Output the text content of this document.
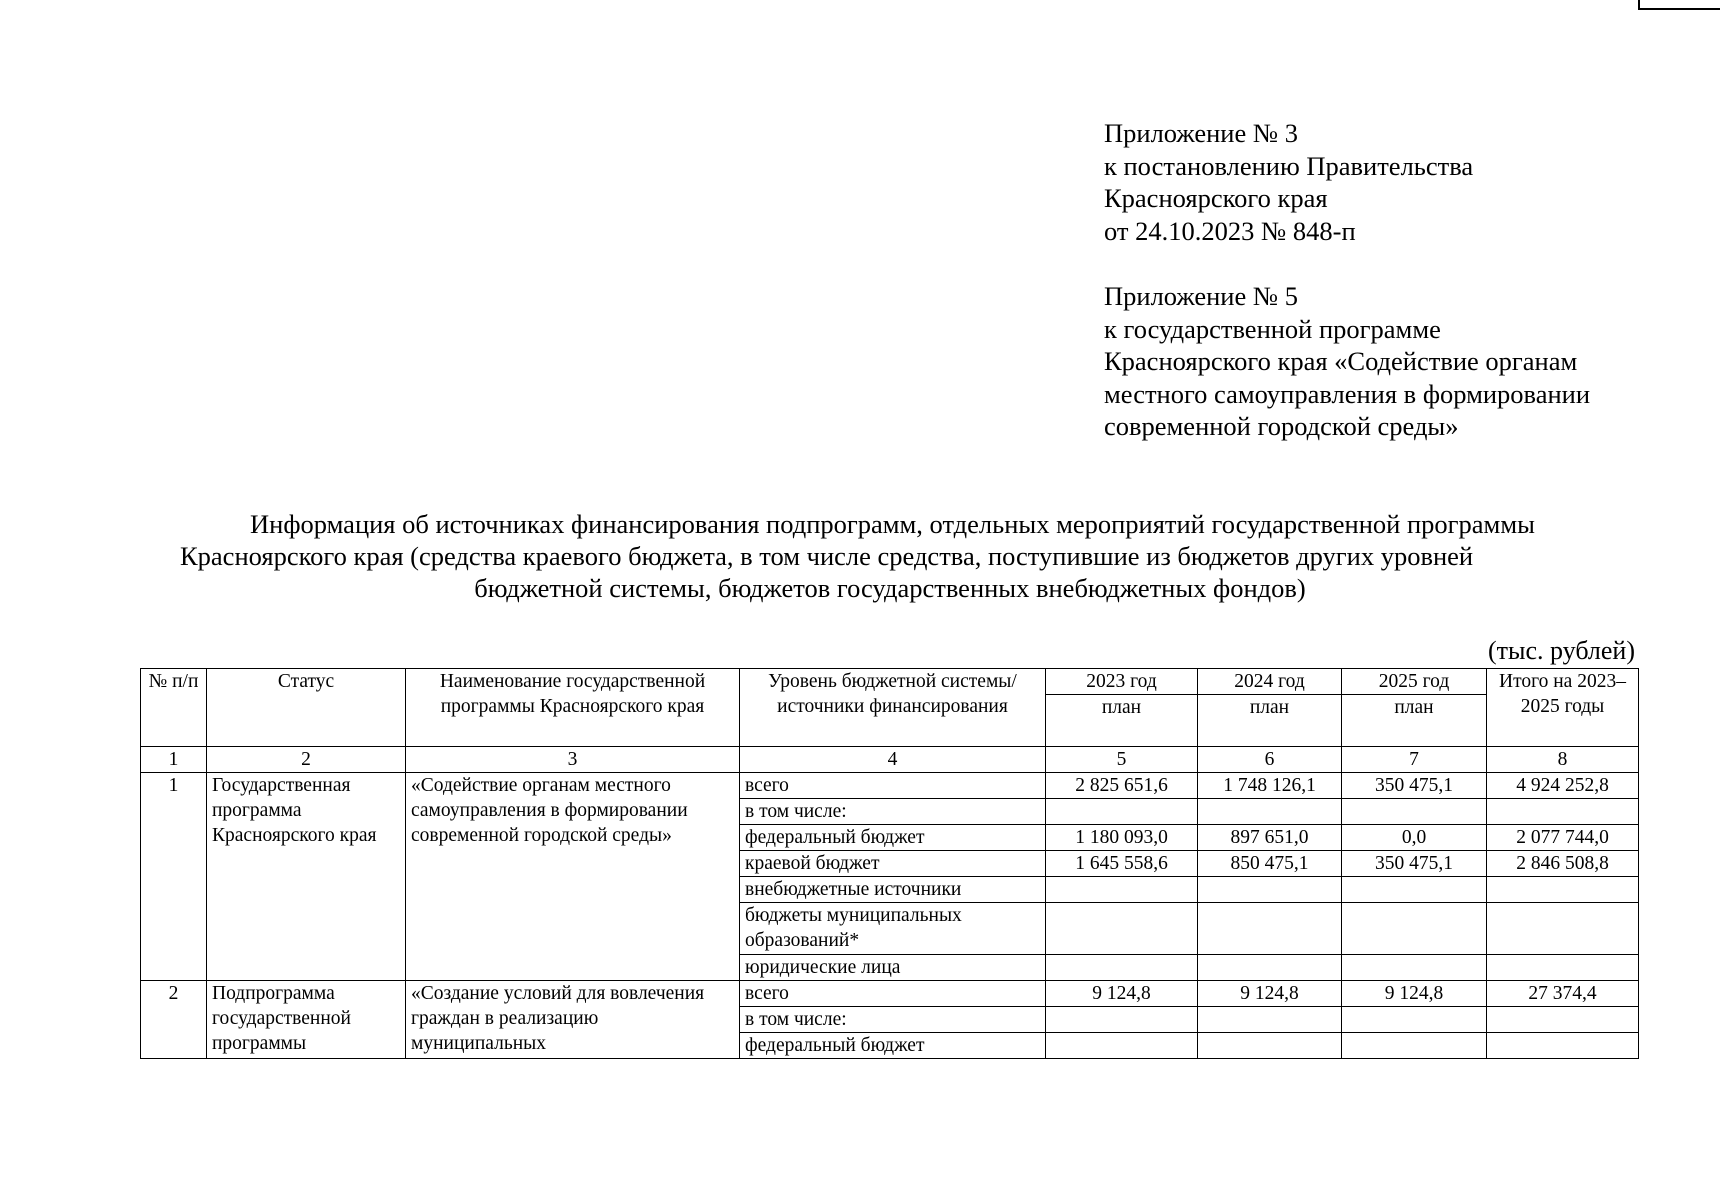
Приложение № 3
к постановлению Правительства
Красноярского края
от 24.10.2023 № 848-п
Приложение № 5
к государственной программе
Красноярского края «Содействие органам
местного самоуправления в формировании
современной городской среды»
Информация об источниках финансирования подпрограмм, отдельных мероприятий государственной программы
Красноярского края (средства краевого бюджета, в том числе средства, поступившие из бюджетов других уровней
бюджетной системы, бюджетов государственных внебюджетных фондов)
(тыс. рублей)
№ п/п	Статус	Наименование государственной программы Красноярского края	Уровень бюджетной системы/источники финансирования	2023 год	2024 год	2025 год	Итого на 2023–2025 годы
				план	план	план	

1	2	3	4	5	6	7	8
1	Государственная программа Красноярского края	«Содействие органам местного самоуправления в формировании современной городской среды»	всего	2 825 651,6	1 748 126,1	350 475,1	4 924 252,8
			в том числе:				
			федеральный бюджет	1 180 093,0	897 651,0	0,0	2 077 744,0
			краевой бюджет	1 645 558,6	850 475,1	350 475,1	2 846 508,8
			внебюджетные источники				
			бюджеты муниципальных образований*				
			юридические лица				

2	Подпрограмма государственной программы	«Создание условий для вовлечения граждан в реализацию муниципальных	всего	9 124,8	9 124,8	9 124,8	27 374,4
			в том числе:				
			федеральный бюджет				
